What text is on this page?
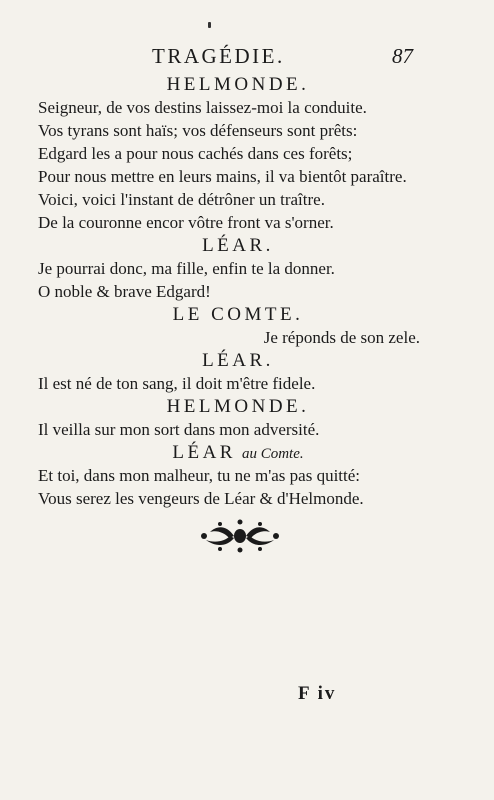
TRAGÉDIE.	87
HELMONDE.
Seigneur, de vos destins laissez-moi la conduite.
Vos tyrans sont haïs; vos défenseurs sont prêts:
Edgard les a pour nous cachés dans ces forêts;
Pour nous mettre en leurs mains, il va bientôt paraître.
Voici, voici l'instant de détrôner un traître.
De la couronne encor vôtre front va s'orner.
LÉAR.
Je pourrai donc, ma fille, enfin te la donner.
O noble & brave Edgard!
LE COMTE.
Je réponds de son zele.
LÉAR.
Il est né de ton sang, il doit m'être fidele.
HELMONDE.
Il veilla sur mon sort dans mon adversité.
LÉAR au Comte.
Et toi, dans mon malheur, tu ne m'as pas quitté:
Vous serez les vengeurs de Léar & d'Helmonde.
F iv
